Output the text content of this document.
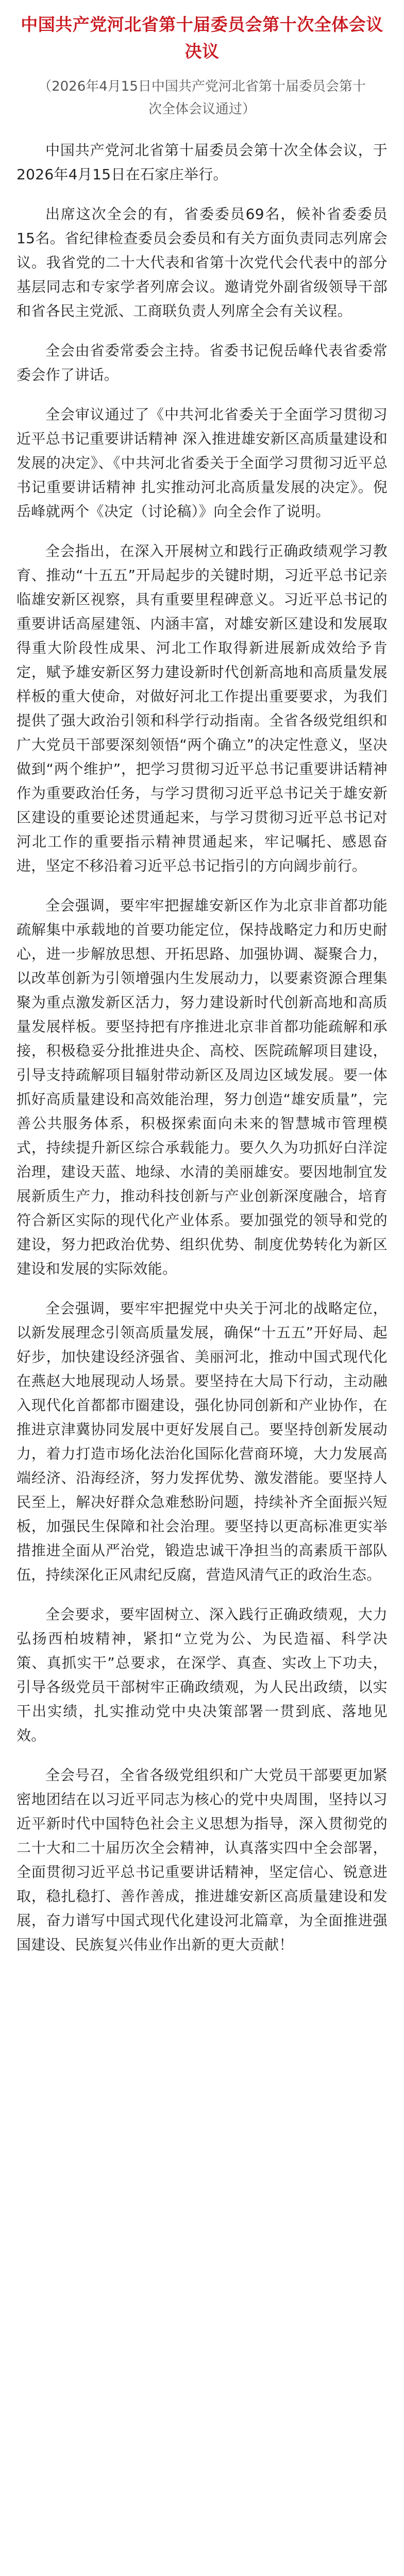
中国共产党河北省第十届委员会第十次全体会议决议
（2026年4月15日中国共产党河北省第十届委员会第十次全体会议通过）

中国共产党河北省第十届委员会第十次全体会议，于2026年4月15日在石家庄举行。

出席这次全会的有，省委委员69名，候补省委委员15名。省纪律检查委员会委员和有关方面负责同志列席会议。我省党的二十大代表和省第十次党代会代表中的部分基层同志和专家学者列席会议。邀请党外副省级领导干部和省各民主党派、工商联负责人列席全会有关议程。

全会由省委常委会主持。省委书记倪岳峰代表省委常委会作了讲话。

全会审议通过了《中共河北省委关于全面学习贯彻习近平总书记重要讲话精神 深入推进雄安新区高质量建设和发展的决定》、《中共河北省委关于全面学习贯彻习近平总书记重要讲话精神 扎实推动河北高质量发展的决定》。倪岳峰就两个《决定（讨论稿）》向全会作了说明。

全会指出，在深入开展树立和践行正确政绩观学习教育、推动“十五五”开局起步的关键时期，习近平总书记亲临雄安新区视察，具有重要里程碑意义。习近平总书记的重要讲话高屋建瓴、内涵丰富，对雄安新区建设和发展取得重大阶段性成果、河北工作取得新进展新成效给予肯定，赋予雄安新区努力建设新时代创新高地和高质量发展样板的重大使命，对做好河北工作提出重要要求，为我们提供了强大政治引领和科学行动指南。全省各级党组织和广大党员干部要深刻领悟“两个确立”的决定性意义，坚决做到“两个维护”，把学习贯彻习近平总书记重要讲话精神作为重要政治任务，与学习贯彻习近平总书记关于雄安新区建设的重要论述贯通起来，与学习贯彻习近平总书记对河北工作的重要指示精神贯通起来，牢记嘱托、感恩奋进，坚定不移沿着习近平总书记指引的方向阔步前行。

全会强调，要牢牢把握雄安新区作为北京非首都功能疏解集中承载地的首要功能定位，保持战略定力和历史耐心，进一步解放思想、开拓思路、加强协调、凝聚合力，以改革创新为引领增强内生发展动力，以要素资源合理集聚为重点激发新区活力，努力建设新时代创新高地和高质量发展样板。要坚持把有序推进北京非首都功能疏解和承接，积极稳妥分批推进央企、高校、医院疏解项目建设，引导支持疏解项目辐射带动新区及周边区域发展。要一体抓好高质量建设和高效能治理，努力创造“雄安质量”，完善公共服务体系，积极探索面向未来的智慧城市管理模式，持续提升新区综合承载能力。要久久为功抓好白洋淀治理，建设天蓝、地绿、水清的美丽雄安。要因地制宜发展新质生产力，推动科技创新与产业创新深度融合，培育符合新区实际的现代化产业体系。要加强党的领导和党的建设，努力把政治优势、组织优势、制度优势转化为新区建设和发展的实际效能。

全会强调，要牢牢把握党中央关于河北的战略定位，以新发展理念引领高质量发展，确保“十五五”开好局、起好步，加快建设经济强省、美丽河北，推动中国式现代化在燕赵大地展现动人场景。要坚持在大局下行动，主动融入现代化首都都市圈建设，强化协同创新和产业协作，在推进京津冀协同发展中更好发展自己。要坚持创新发展动力，着力打造市场化法治化国际化营商环境，大力发展高端经济、沿海经济，努力发挥优势、激发潜能。要坚持人民至上，解决好群众急难愁盼问题，持续补齐全面振兴短板，加强民生保障和社会治理。要坚持以更高标准更实举措推进全面从严治党，锻造忠诚干净担当的高素质干部队伍，持续深化正风肃纪反腐，营造风清气正的政治生态。

全会要求，要牢固树立、深入践行正确政绩观，大力弘扬西柏坡精神，紧扣“立党为公、为民造福、科学决策、真抓实干”总要求，在深学、真查、实改上下功夫，引导各级党员干部树牢正确政绩观，为人民出政绩，以实干出实绩，扎实推动党中央决策部署一贯到底、落地见效。

全会号召，全省各级党组织和广大党员干部要更加紧密地团结在以习近平同志为核心的党中央周围，坚持以习近平新时代中国特色社会主义思想为指导，深入贯彻党的二十大和二十届历次全会精神，认真落实四中全会部署，全面贯彻习近平总书记重要讲话精神，坚定信心、锐意进取，稳扎稳打、善作善成，推进雄安新区高质量建设和发展，奋力谱写中国式现代化建设河北篇章，为全面推进强国建设、民族复兴伟业作出新的更大贡献！
